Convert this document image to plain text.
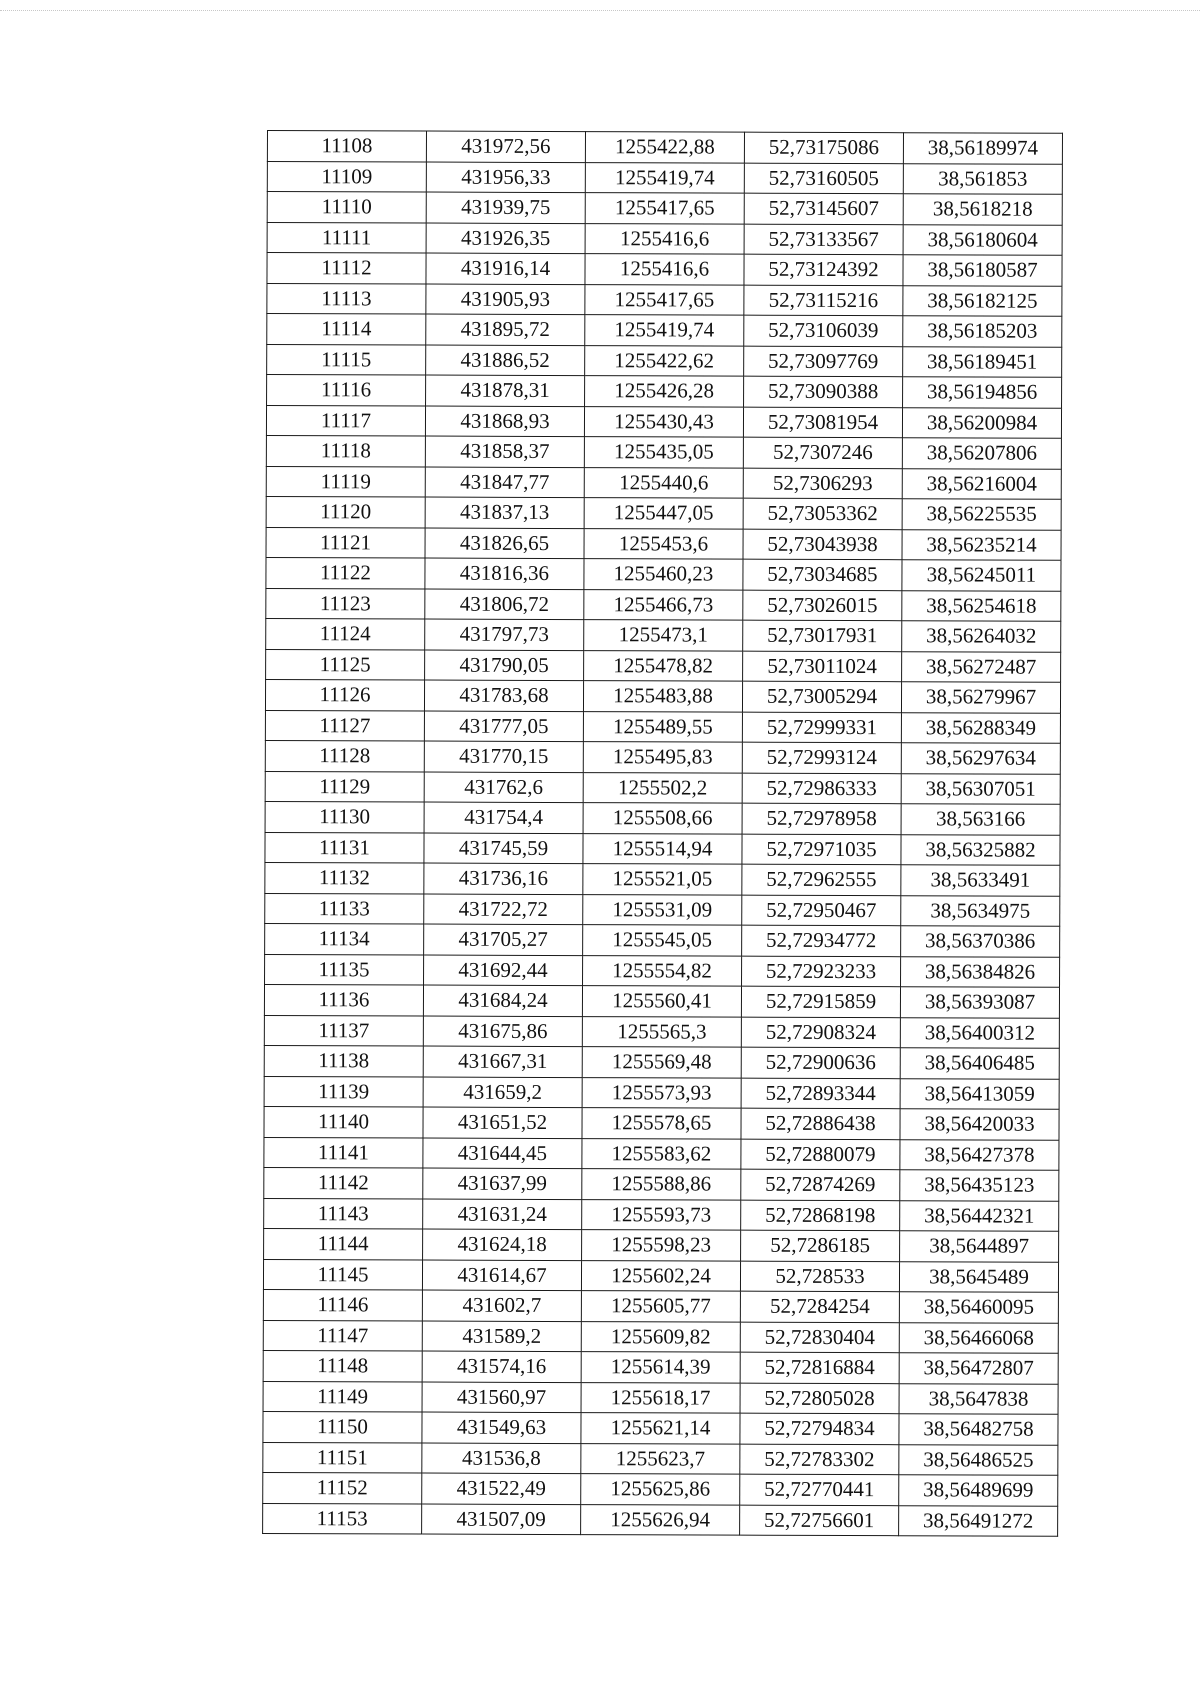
11108	431972,56	1255422,88	52,73175086	38,56189974
11109	431956,33	1255419,74	52,73160505	38,561853
11110	431939,75	1255417,65	52,73145607	38,5618218
11111	431926,35	1255416,6	52,73133567	38,56180604
11112	431916,14	1255416,6	52,73124392	38,56180587
11113	431905,93	1255417,65	52,73115216	38,56182125
11114	431895,72	1255419,74	52,73106039	38,56185203
11115	431886,52	1255422,62	52,73097769	38,56189451
11116	431878,31	1255426,28	52,73090388	38,56194856
11117	431868,93	1255430,43	52,73081954	38,56200984
11118	431858,37	1255435,05	52,7307246	38,56207806
11119	431847,77	1255440,6	52,7306293	38,56216004
11120	431837,13	1255447,05	52,73053362	38,56225535
11121	431826,65	1255453,6	52,73043938	38,56235214
11122	431816,36	1255460,23	52,73034685	38,56245011
11123	431806,72	1255466,73	52,73026015	38,56254618
11124	431797,73	1255473,1	52,73017931	38,56264032
11125	431790,05	1255478,82	52,73011024	38,56272487
11126	431783,68	1255483,88	52,73005294	38,56279967
11127	431777,05	1255489,55	52,72999331	38,56288349
11128	431770,15	1255495,83	52,72993124	38,56297634
11129	431762,6	1255502,2	52,72986333	38,56307051
11130	431754,4	1255508,66	52,72978958	38,563166
11131	431745,59	1255514,94	52,72971035	38,56325882
11132	431736,16	1255521,05	52,72962555	38,5633491
11133	431722,72	1255531,09	52,72950467	38,5634975
11134	431705,27	1255545,05	52,72934772	38,56370386
11135	431692,44	1255554,82	52,72923233	38,56384826
11136	431684,24	1255560,41	52,72915859	38,56393087
11137	431675,86	1255565,3	52,72908324	38,56400312
11138	431667,31	1255569,48	52,72900636	38,56406485
11139	431659,2	1255573,93	52,72893344	38,56413059
11140	431651,52	1255578,65	52,72886438	38,56420033
11141	431644,45	1255583,62	52,72880079	38,56427378
11142	431637,99	1255588,86	52,72874269	38,56435123
11143	431631,24	1255593,73	52,72868198	38,56442321
11144	431624,18	1255598,23	52,7286185	38,5644897
11145	431614,67	1255602,24	52,728533	38,5645489
11146	431602,7	1255605,77	52,7284254	38,56460095
11147	431589,2	1255609,82	52,72830404	38,56466068
11148	431574,16	1255614,39	52,72816884	38,56472807
11149	431560,97	1255618,17	52,72805028	38,5647838
11150	431549,63	1255621,14	52,72794834	38,56482758
11151	431536,8	1255623,7	52,72783302	38,56486525
11152	431522,49	1255625,86	52,72770441	38,56489699
11153	431507,09	1255626,94	52,72756601	38,56491272
